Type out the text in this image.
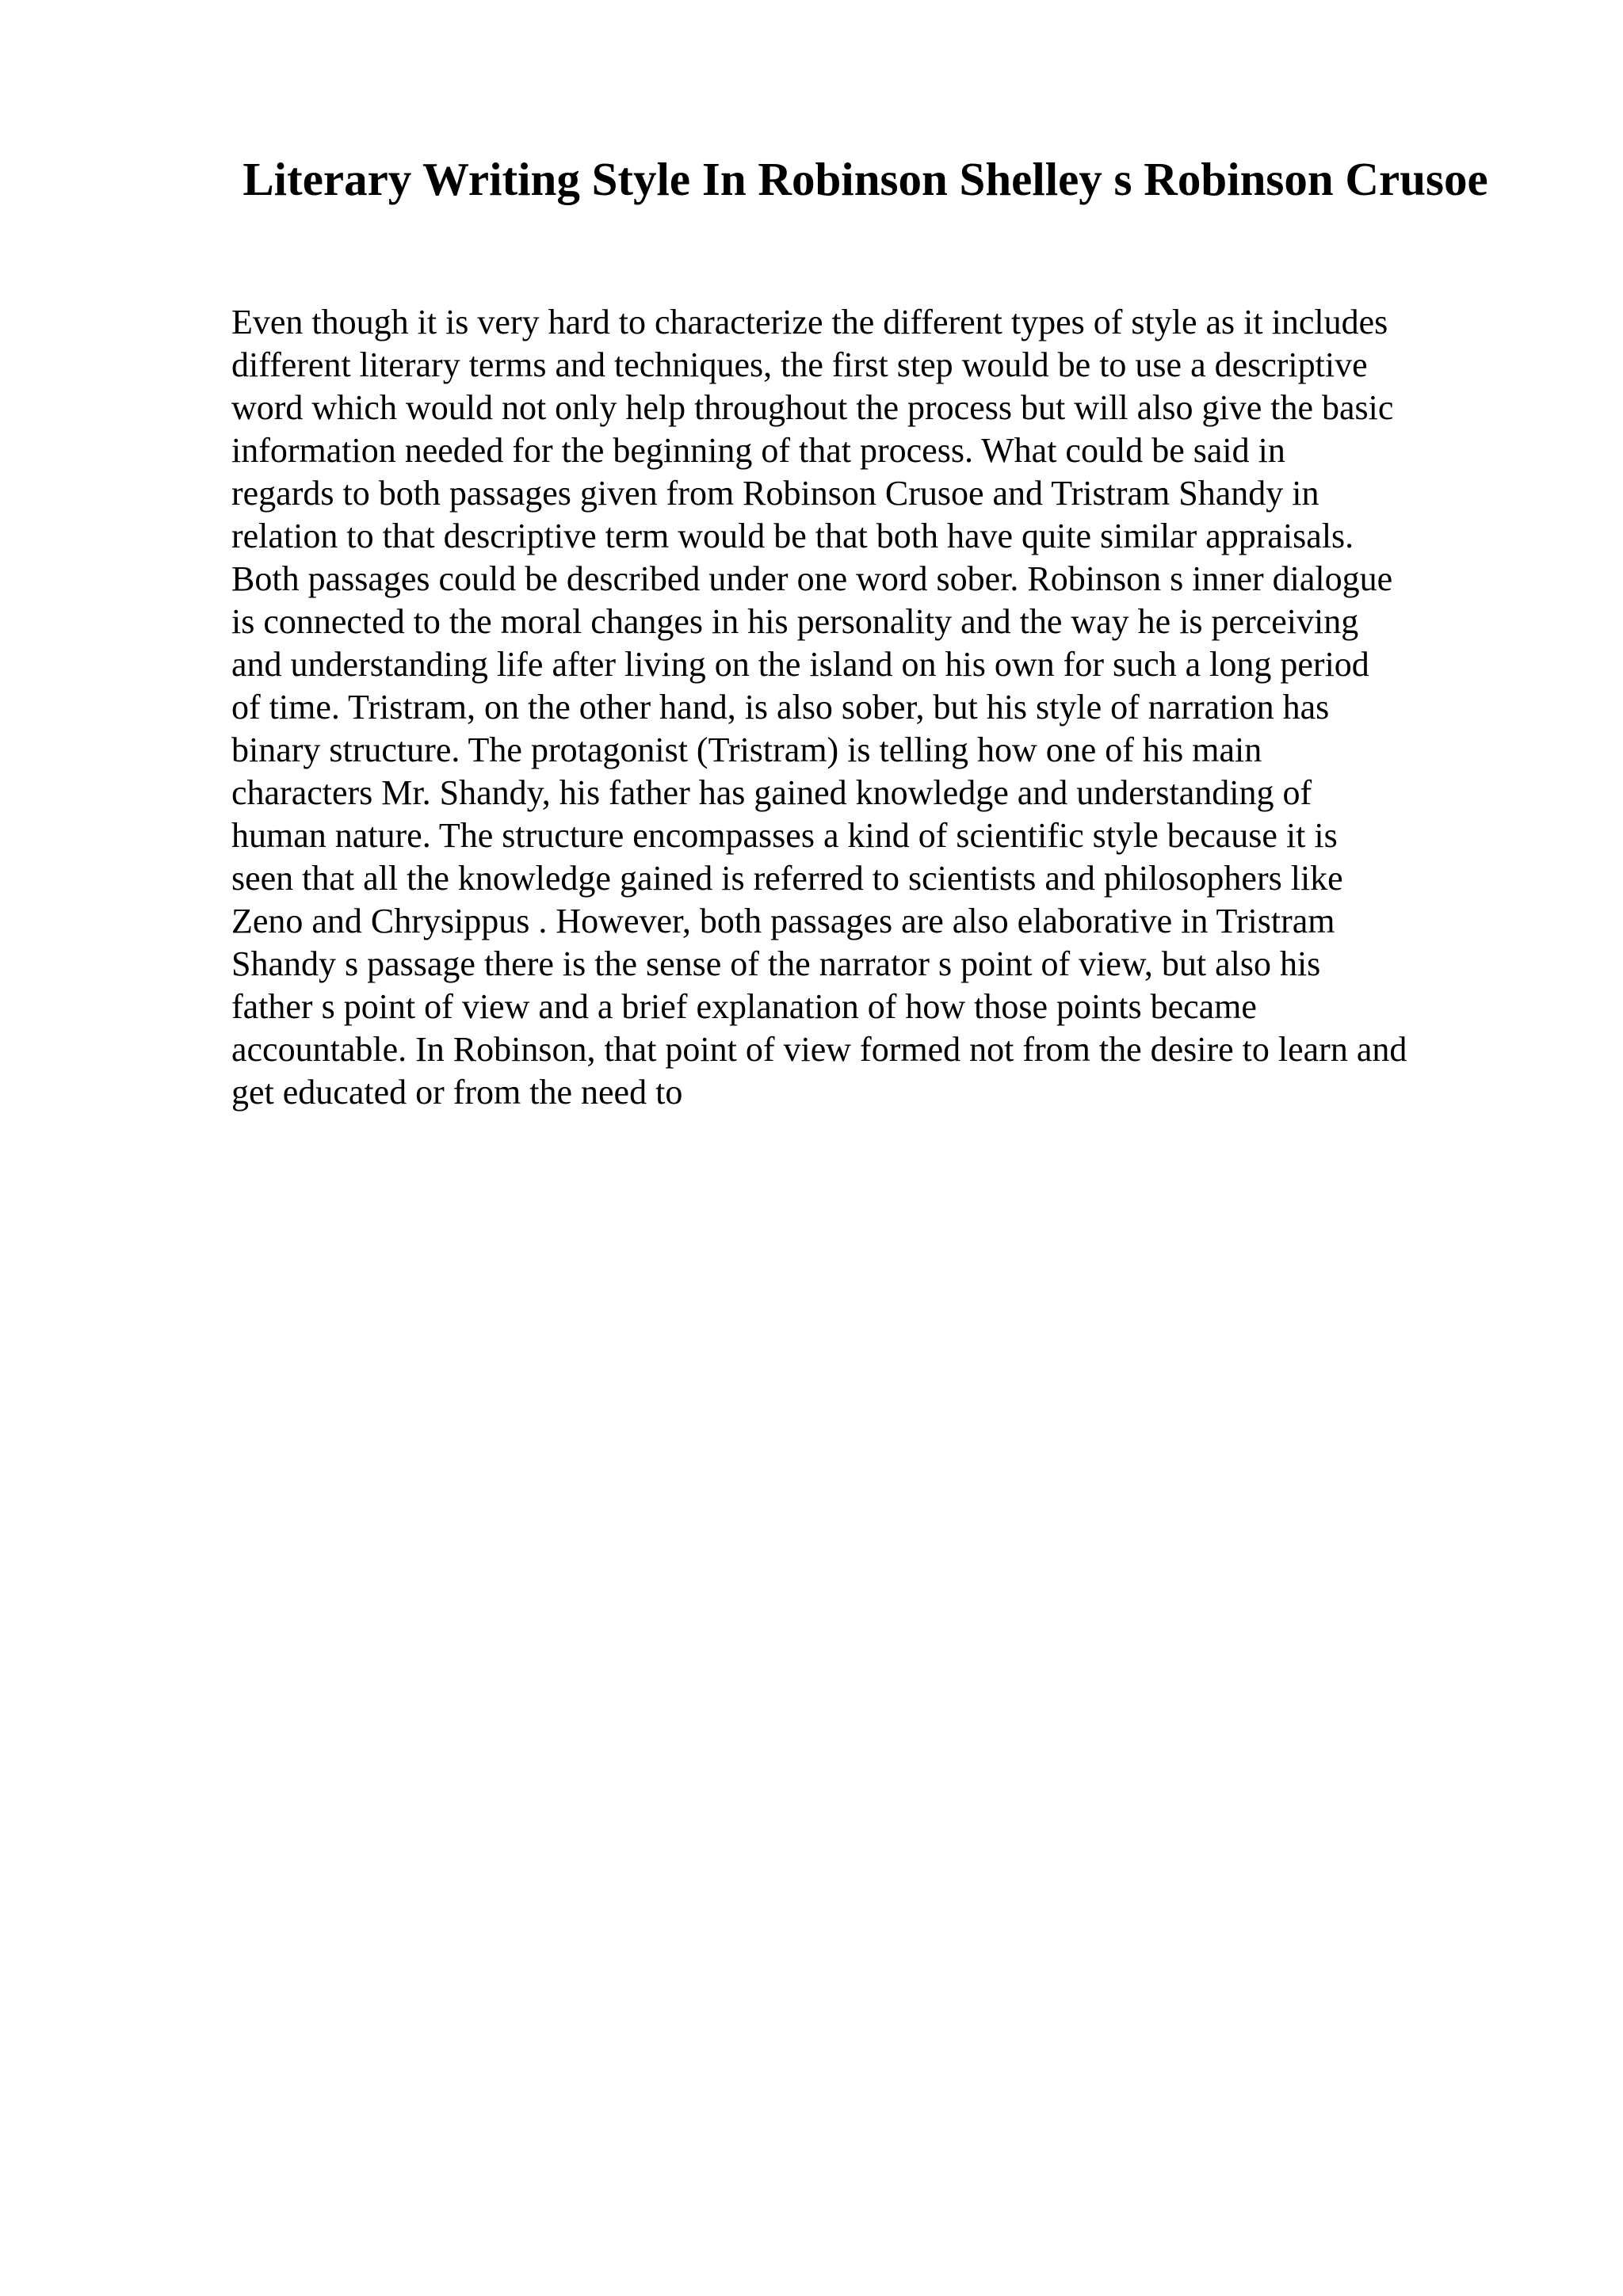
Literary Writing Style In Robinson Shelley s Robinson Crusoe
Even though it is very hard to characterize the different types of style as it includes
different literary terms and techniques, the first step would be to use a descriptive
word which would not only help throughout the process but will also give the basic
information needed for the beginning of that process. What could be said in
regards to both passages given from Robinson Crusoe and Tristram Shandy in
relation to that descriptive term would be that both have quite similar appraisals.
Both passages could be described under one word sober. Robinson s inner dialogue
is connected to the moral changes in his personality and the way he is perceiving
and understanding life after living on the island on his own for such a long period
of time. Tristram, on the other hand, is also sober, but his style of narration has
binary structure. The protagonist (Tristram) is telling how one of his main
characters Mr. Shandy, his father has gained knowledge and understanding of
human nature. The structure encompasses a kind of scientific style because it is
seen that all the knowledge gained is referred to scientists and philosophers like
Zeno and Chrysippus . However, both passages are also elaborative in Tristram
Shandy s passage there is the sense of the narrator s point of view, but also his
father s point of view and a brief explanation of how those points became
accountable. In Robinson, that point of view formed not from the desire to learn and
get educated or from the need to
